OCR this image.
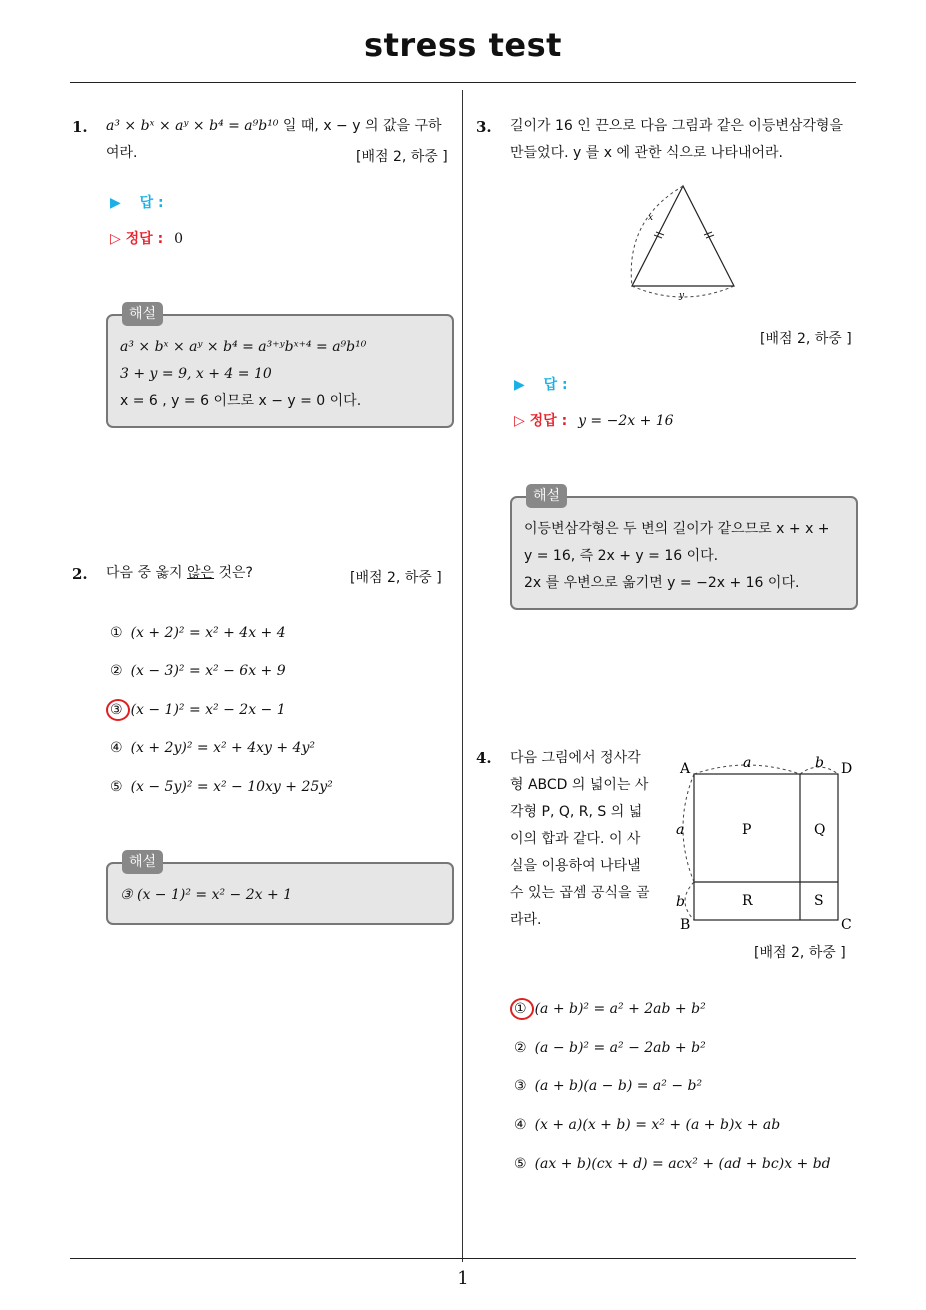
stress test
1
1. a³ × bˣ × aʸ × b⁴ = a⁹b¹⁰ 일 때, x − y 의 값을 구하
여라.	[배점 2, 하중 ]
▶ 답 :
▷ 정답 : 0
해설
a³ × bˣ × aʸ × b⁴ = a³⁺ʸbˣ⁺⁴ = a⁹b¹⁰
3 + y = 9, x + 4 = 10
x = 6 , y = 6 이므로 x − y = 0 이다.
2. 다음 중 옳지 않은 것은?	[배점 2, 하중 ]
① (x + 2)² = x² + 4x + 4
② (x − 3)² = x² − 6x + 9
③ (x − 1)² = x² − 2x − 1
④ (x + 2y)² = x² + 4xy + 4y²
⑤ (x − 5y)² = x² − 10xy + 25y²
해설
③ (x − 1)² = x² − 2x + 1
3. 길이가 16 인 끈으로 다음 그림과 같은 이등변삼각형을
만들었다. y 를 x 에 관한 식으로 나타내어라.
x
y
[배점 2, 하중 ]
▶ 답 :
▷ 정답 : y = −2x + 16
해설
이등변삼각형은 두 변의 길이가 같으므로 x + x +
y = 16, 즉 2x + y = 16 이다.
2x 를 우변으로 옮기면 y = −2x + 16 이다.
4. 다음 그림에서 정사각
형 ABCD 의 넓이는 사
각형 P, Q, R, S 의 넓
이의 합과 같다. 이 사
실을 이용하여 나타낼
수 있는 곱셈 공식을 골
라라.
A	D
B	C
a	b
a
b
P	Q
R	S
[배점 2, 하중 ]
① (a + b)² = a² + 2ab + b²
② (a − b)² = a² − 2ab + b²
③ (a + b)(a − b) = a² − b²
④ (x + a)(x + b) = x² + (a + b)x + ab
⑤ (ax + b)(cx + d) = acx² + (ad + bc)x + bd
